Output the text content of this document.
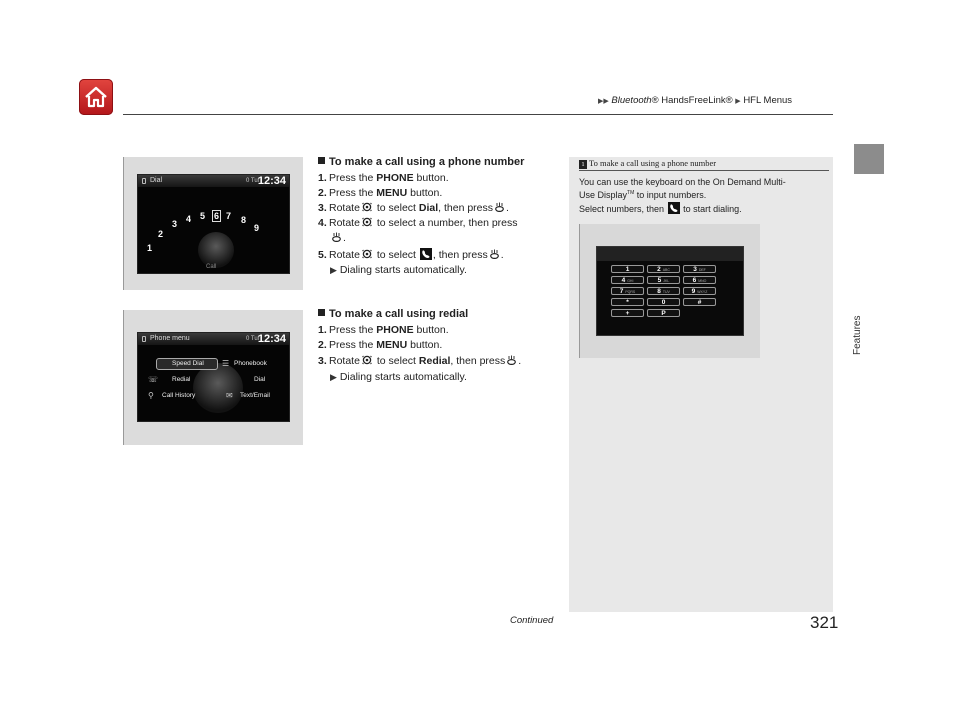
▶▶ Bluetooth® HandsFreeLink® ▶ HFL Menus
Features
Dial	0 Tul
12:34
1
2
3 4 5 6 7 8
9
Call
Phone menu	0 Tul
12:34
Speed Dial	Phonebook
Redial	Dial
Call History	Text/Email
☏
⚲
☰
✉
To make a call using a phone number
1. Press the PHONE button.
2. Press the MENU button.
3. Rotate to select Dial, then press .
4. Rotate to select a number, then press
.
5. Rotate to select , then press .
▶ Dialing starts automatically.
To make a call using redial
1. Press the PHONE button.
2. Press the MENU button.
3. Rotate to select Redial, then press .
▶ Dialing starts automatically.
1 To make a call using a phone number
You can use the keyboard on the On Demand Multi-
Use Display™ to input numbers.
Select numbers, then  to start dialing.
1	2 ABC	3 DEF
4 GHI	5 JKL	6 MNO
7 PQRS	8 TUV	9 WXYZ
*	0	#
+	P
Continued	321
